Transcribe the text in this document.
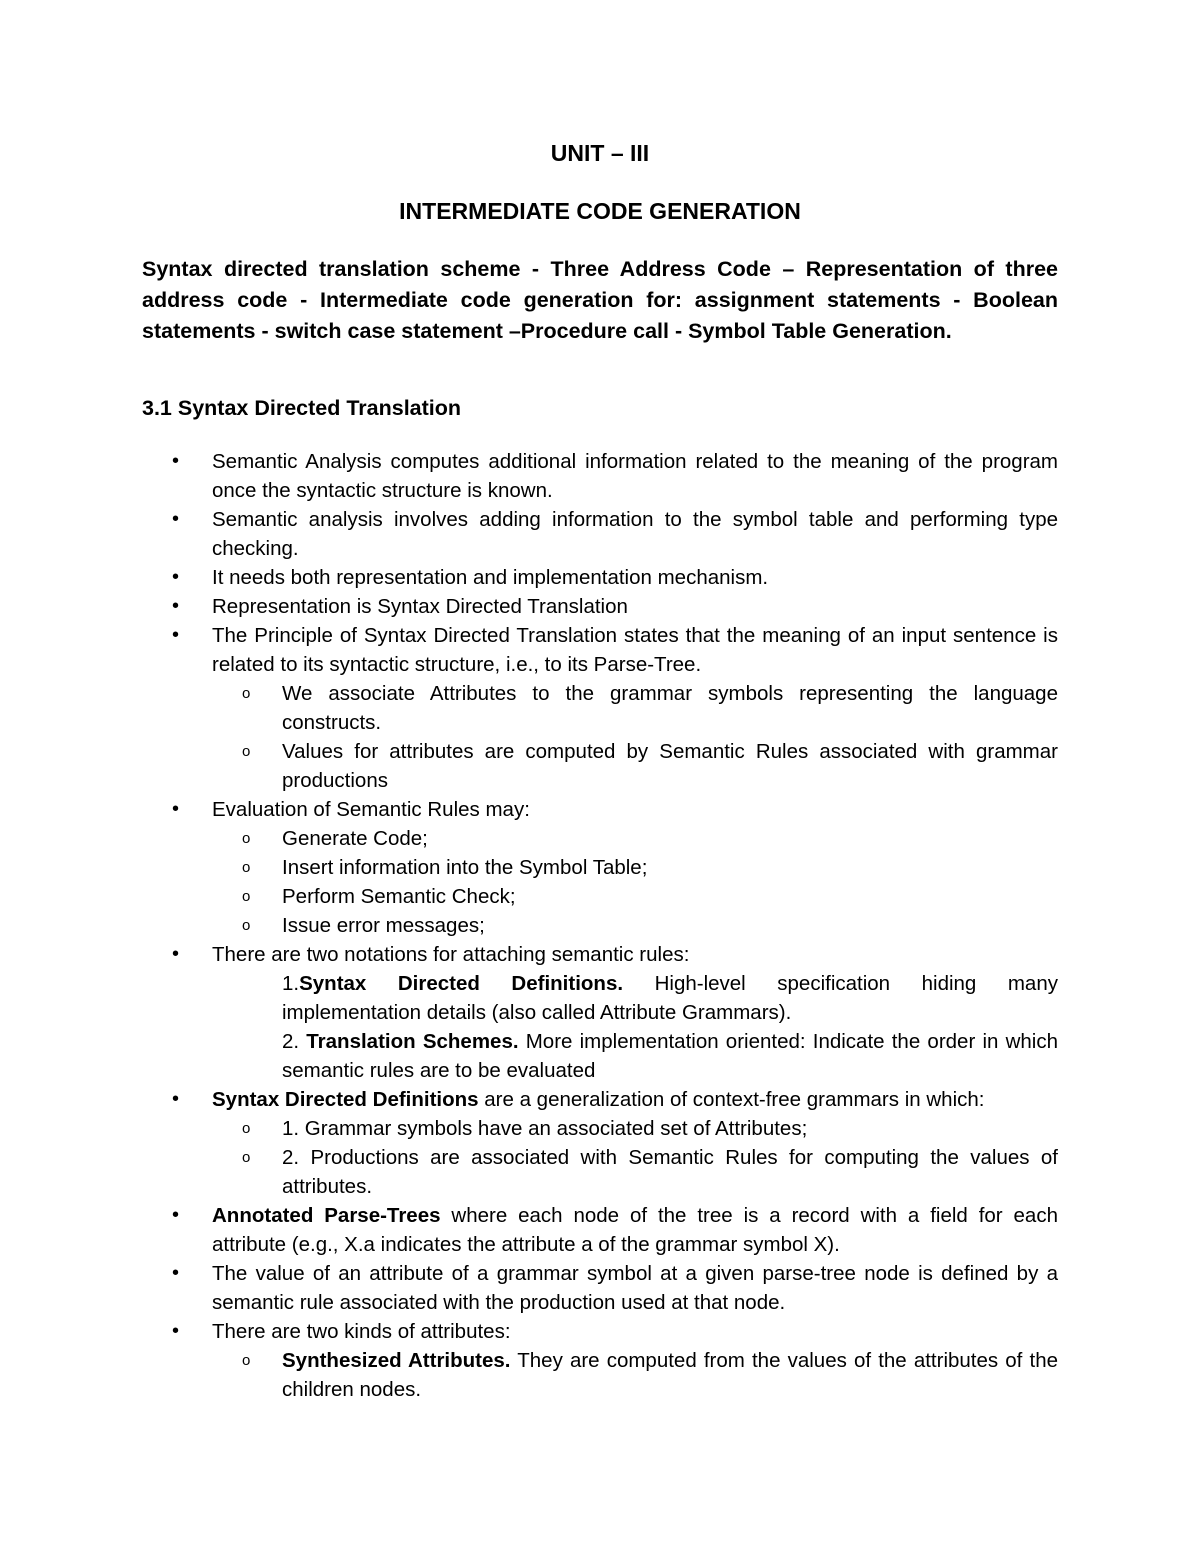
UNIT – III
INTERMEDIATE CODE GENERATION

Syntax directed translation scheme - Three Address Code – Representation of three address code - Intermediate code generation for: assignment statements - Boolean statements - switch case statement –Procedure call - Symbol Table Generation.

3.1 Syntax Directed Translation

• Semantic Analysis computes additional information related to the meaning of the program once the syntactic structure is known.
• Semantic analysis involves adding information to the symbol table and performing type checking.
• It needs both representation and implementation mechanism.
• Representation is Syntax Directed Translation
• The Principle of Syntax Directed Translation states that the meaning of an input sentence is related to its syntactic structure, i.e., to its Parse-Tree.
o We associate Attributes to the grammar symbols representing the language constructs.
o Values for attributes are computed by Semantic Rules associated with grammar productions
• Evaluation of Semantic Rules may:
o Generate Code;
o Insert information into the Symbol Table;
o Perform Semantic Check;
o Issue error messages;
• There are two notations for attaching semantic rules:
1.Syntax Directed Definitions. High-level specification hiding many
implementation details (also called Attribute Grammars).
2. Translation Schemes. More implementation oriented: Indicate the order in which semantic rules are to be evaluated
• Syntax Directed Definitions are a generalization of context-free grammars in which:
o 1. Grammar symbols have an associated set of Attributes;
o 2. Productions are associated with Semantic Rules for computing the values of attributes.
• Annotated Parse-Trees where each node of the tree is a record with a field for each attribute (e.g., X.a indicates the attribute a of the grammar symbol X).
• The value of an attribute of a grammar symbol at a given parse-tree node is defined by a semantic rule associated with the production used at that node.
• There are two kinds of attributes:
o Synthesized Attributes. They are computed from the values of the attributes of the children nodes.
